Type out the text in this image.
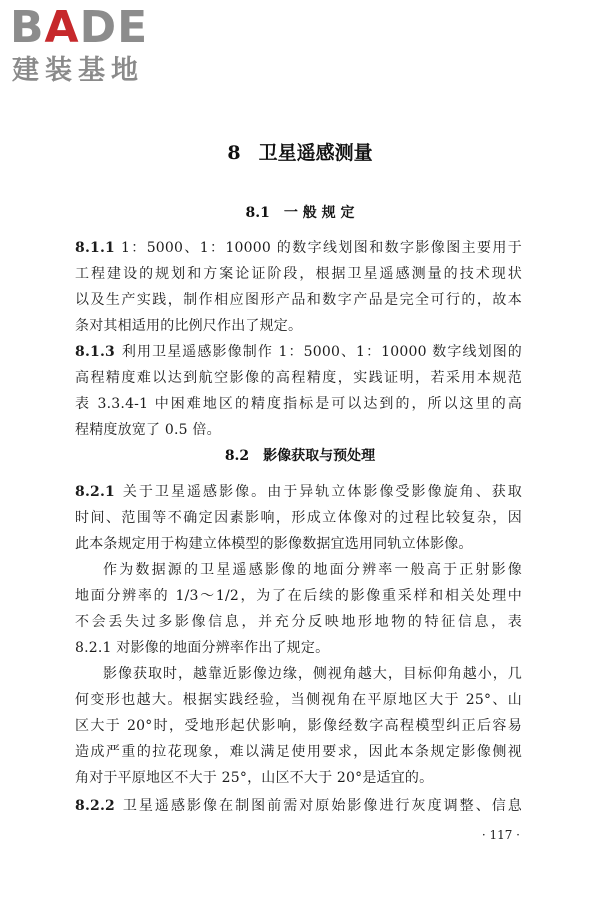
BADE
建装基地
8 卫星遥感测量
8.1 一 般 规 定
8.1.1 1：5000、1：10000 的数字线划图和数字影像图主要用于
工程建设的规划和方案论证阶段，根据卫星遥感测量的技术现状
以及生产实践，制作相应图形产品和数字产品是完全可行的，故本
条对其相适用的比例尺作出了规定。
8.1.3 利用卫星遥感影像制作 1：5000、1：10000 数字线划图的
高程精度难以达到航空影像的高程精度，实践证明，若采用本规范
表 3.3.4-1 中困难地区的精度指标是可以达到的，所以这里的高
程精度放宽了 0.5 倍。
8.2 影像获取与预处理
8.2.1 关于卫星遥感影像。由于异轨立体影像受影像旋角、获取
时间、范围等不确定因素影响，形成立体像对的过程比较复杂，因
此本条规定用于构建立体模型的影像数据宜选用同轨立体影像。
作为数据源的卫星遥感影像的地面分辨率一般高于正射影像
地面分辨率的 1/3～1/2，为了在后续的影像重采样和相关处理中
不会丢失过多影像信息，并充分反映地形地物的特征信息，表
8.2.1 对影像的地面分辨率作出了规定。
影像获取时，越靠近影像边缘，侧视角越大，目标仰角越小，几
何变形也越大。根据实践经验，当侧视角在平原地区大于 25°、山
区大于 20°时，受地形起伏影响，影像经数字高程模型纠正后容易
造成严重的拉花现象，难以满足使用要求，因此本条规定影像侧视
角对于平原地区不大于 25°，山区不大于 20°是适宜的。
8.2.2 卫星遥感影像在制图前需对原始影像进行灰度调整、信息
· 117 ·
